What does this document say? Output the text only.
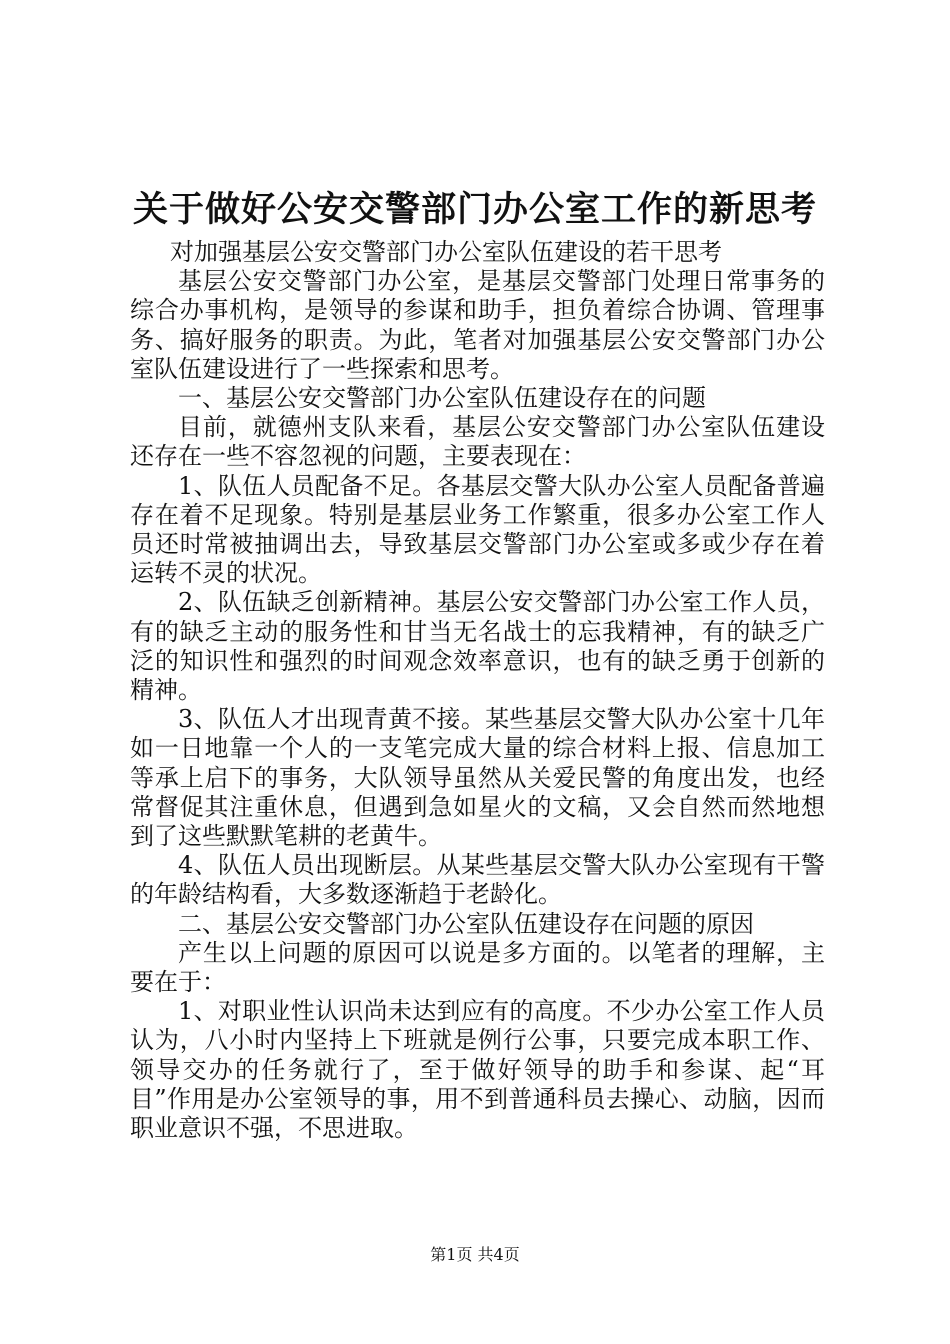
关于做好公安交警部门办公室工作的新思考

对加强基层公安交警部门办公室队伍建设的若干思考

基层公安交警部门办公室，是基层交警部门处理日常事务的综合办事机构，是领导的参谋和助手，担负着综合协调、管理事务、搞好服务的职责。为此，笔者对加强基层公安交警部门办公室队伍建设进行了一些探索和思考。

一、基层公安交警部门办公室队伍建设存在的问题

目前，就德州支队来看，基层公安交警部门办公室队伍建设还存在一些不容忽视的问题，主要表现在：

1、队伍人员配备不足。各基层交警大队办公室人员配备普遍存在着不足现象。特别是基层业务工作繁重，很多办公室工作人员还时常被抽调出去，导致基层交警部门办公室或多或少存在着运转不灵的状况。

2、队伍缺乏创新精神。基层公安交警部门办公室工作人员，有的缺乏主动的服务性和甘当无名战士的忘我精神，有的缺乏广泛的知识性和强烈的时间观念效率意识，也有的缺乏勇于创新的精神。

3、队伍人才出现青黄不接。某些基层交警大队办公室十几年如一日地靠一个人的一支笔完成大量的综合材料上报、信息加工等承上启下的事务，大队领导虽然从关爱民警的角度出发，也经常督促其注重休息，但遇到急如星火的文稿，又会自然而然地想到了这些默默笔耕的老黄牛。

4、队伍人员出现断层。从某些基层交警大队办公室现有干警的年龄结构看，大多数逐渐趋于老龄化。

二、基层公安交警部门办公室队伍建设存在问题的原因

产生以上问题的原因可以说是多方面的。以笔者的理解，主要在于：

1、对职业性认识尚未达到应有的高度。不少办公室工作人员认为，八小时内坚持上下班就是例行公事，只要完成本职工作、领导交办的任务就行了，至于做好领导的助手和参谋、起“耳目”作用是办公室领导的事，用不到普通科员去操心、动脑，因而职业意识不强，不思进取。

第1页 共4页
